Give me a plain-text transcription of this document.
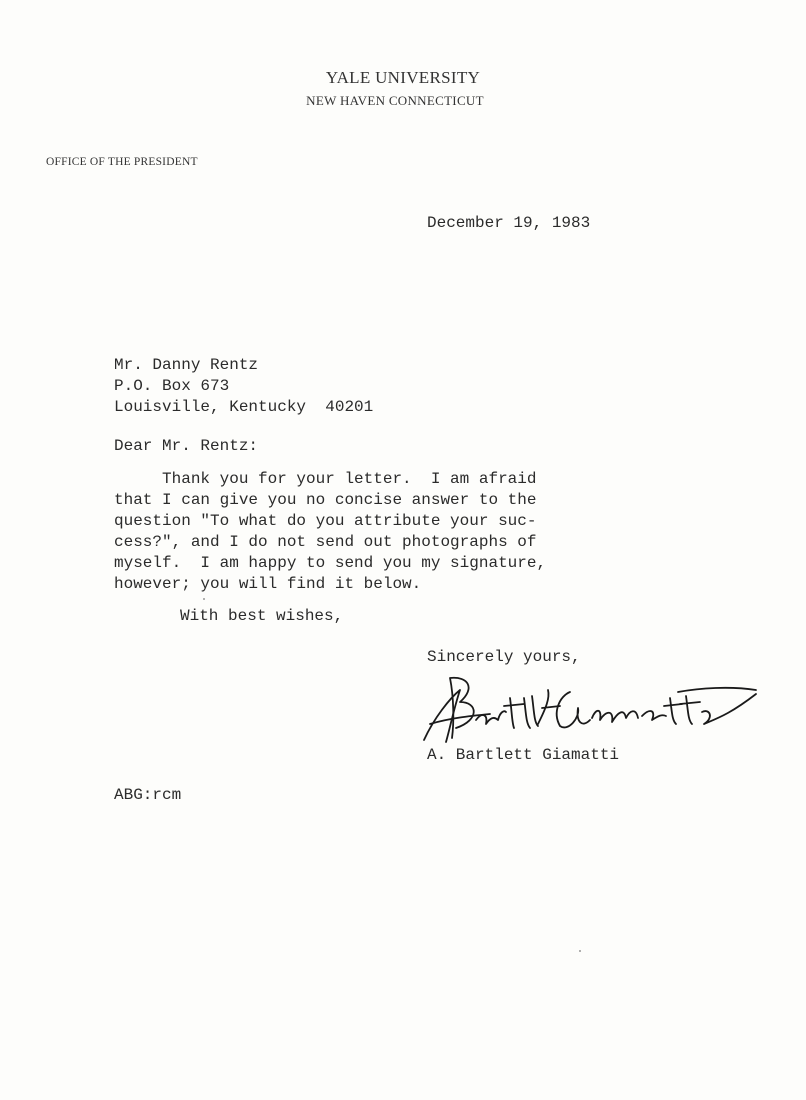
YALE UNIVERSITY
NEW HAVEN CONNECTICUT
OFFICE OF THE PRESIDENT
December 19, 1983
Mr. Danny Rentz
P.O. Box 673
Louisville, Kentucky  40201
Dear Mr. Rentz:
Thank you for your letter.  I am afraid
that I can give you no concise answer to the
question "To what do you attribute your suc-
cess?", and I do not send out photographs of
myself.  I am happy to send you my signature,
however; you will find it below.
With best wishes,
Sincerely yours,
A. Bartlett Giamatti
ABG:rcm
